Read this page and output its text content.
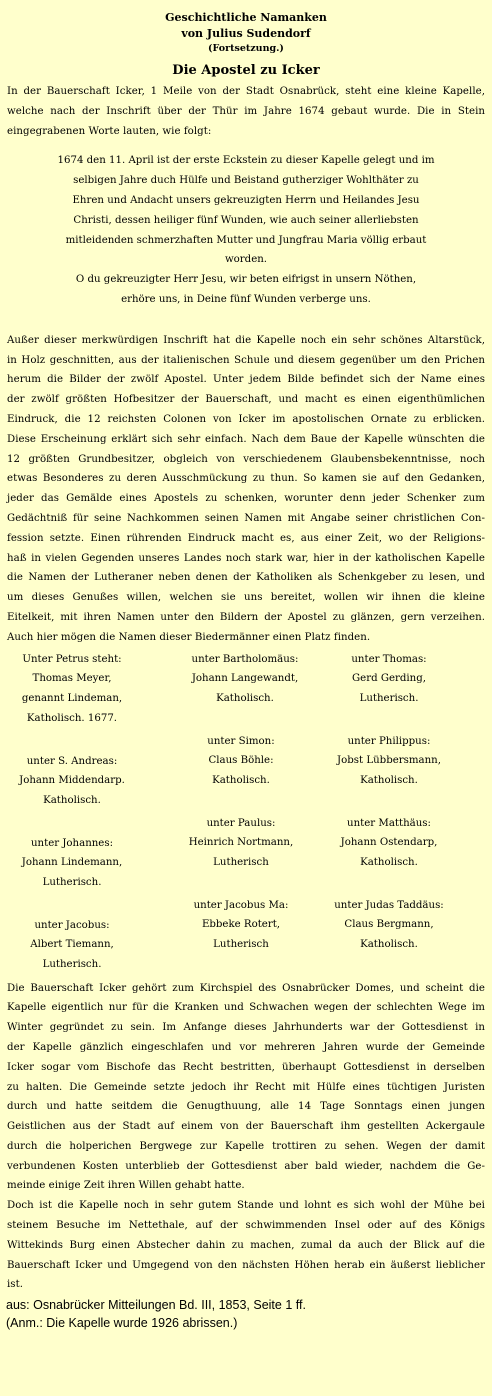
Geschichtliche Namanken
von Julius Sudendorf
(Fortsetzung.)
Die Apostel zu Icker
In der Bauerschaft Icker, 1 Meile von der Stadt Osnabrück, steht eine kleine Kapelle,
welche nach der Inschrift über der Thür im Jahre 1674 gebaut wurde. Die in Stein
eingegrabenen Worte lauten, wie folgt:
1674 den 11. April ist der erste Eckstein zu dieser Kapelle gelegt und im
selbigen Jahre duch Hülfe und Beistand gutherziger Wohlthäter zu
Ehren und Andacht unsers gekreuzigten Herrn und Heilandes Jesu
Christi, dessen heiliger fünf Wunden, wie auch seiner allerliebsten
mitleidenden schmerzhaften Mutter und Jungfrau Maria völlig erbaut
worden.
O du gekreuzigter Herr Jesu, wir beten eifrigst in unsern Nöthen,
erhöre uns, in Deine fünf Wunden verberge uns.
Außer dieser merkwürdigen Inschrift hat die Kapelle noch ein sehr schönes Altarstück,
in Holz geschnitten, aus der italienischen Schule und diesem gegenüber um den Prichen
herum die Bilder der zwölf Apostel. Unter jedem Bilde befindet sich der Name eines
der zwölf größten Hofbesitzer der Bauerschaft, und macht es einen eigenthümlichen
Eindruck, die 12 reichsten Colonen von Icker im apostolischen Ornate zu erblicken.
Diese Erscheinung erklärt sich sehr einfach. Nach dem Baue der Kapelle wünschten die
12 größten Grundbesitzer, obgleich von verschiedenem Glaubensbekenntnisse, noch
etwas Besonderes zu deren Ausschmückung zu thun. So kamen sie auf den Gedanken,
jeder das Gemälde eines Apostels zu schenken, worunter denn jeder Schenker zum
Gedächtniß für seine Nachkommen seinen Namen mit Angabe seiner christlichen Con-
fession setzte. Einen rührenden Eindruck macht es, aus einer Zeit, wo der Religions-
haß in vielen Gegenden unseres Landes noch stark war, hier in der katholischen Kapelle
die Namen der Lutheraner neben denen der Katholiken als Schenkgeber zu lesen, und
um dieses Genußes willen, welchen sie uns bereitet, wollen wir ihnen die kleine
Eitelkeit, mit ihren Namen unter den Bildern der Apostel zu glänzen, gern verzeihen.
Auch hier mögen die Namen dieser Biedermänner einen Platz finden.
Unter Petrus steht:
Thomas Meyer,
genannt Lindeman,
Katholisch. 1677.
unter Bartholomäus:
Johann Langewandt,
Katholisch.
unter Thomas:
Gerd Gerding,
Lutherisch.
unter Simon:
Claus Böhle:
Katholisch.
unter Philippus:
Jobst Lübbersmann,
Katholisch.
unter S. Andreas:
Johann Middendarp.
Katholisch.
unter Paulus:
Heinrich Nortmann,
Lutherisch
unter Matthäus:
Johann Ostendarp,
Katholisch.
unter Johannes:
Johann Lindemann,
Lutherisch.
unter Jacobus Ma:
Ebbeke Rotert,
Lutherisch
unter Judas Taddäus:
Claus Bergmann,
Katholisch.
unter Jacobus:
Albert Tiemann,
Lutherisch.
Die Bauerschaft Icker gehört zum Kirchspiel des Osnabrücker Domes, und scheint die
Kapelle eigentlich nur für die Kranken und Schwachen wegen der schlechten Wege im
Winter gegründet zu sein. Im Anfange dieses Jahrhunderts war der Gottesdienst in
der Kapelle gänzlich eingeschlafen und vor mehreren Jahren wurde der Gemeinde
Icker sogar vom Bischofe das Recht bestritten, überhaupt Gottesdienst in derselben
zu halten. Die Gemeinde setzte jedoch ihr Recht mit Hülfe eines tüchtigen Juristen
durch und hatte seitdem die Genugthuung, alle 14 Tage Sonntags einen jungen
Geistlichen aus der Stadt auf einem von der Bauerschaft ihm gestellten Ackergaule
durch die holperichen Bergwege zur Kapelle trottiren zu sehen. Wegen der damit
verbundenen Kosten unterblieb der Gottesdienst aber bald wieder, nachdem die Ge-
meinde einige Zeit ihren Willen gehabt hatte.
Doch ist die Kapelle noch in sehr gutem Stande und lohnt es sich wohl der Mühe bei
steinem Besuche im Nettethale, auf der schwimmenden Insel oder auf des Königs
Wittekinds Burg einen Abstecher dahin zu machen, zumal da auch der Blick auf die
Bauerschaft Icker und Umgegend von den nächsten Höhen herab ein äußerst lieblicher
ist.

aus: Osnabrücker Mitteilungen Bd. III, 1853, Seite 1 ff.

(Anm.: Die Kapelle wurde 1926 abrissen.)
